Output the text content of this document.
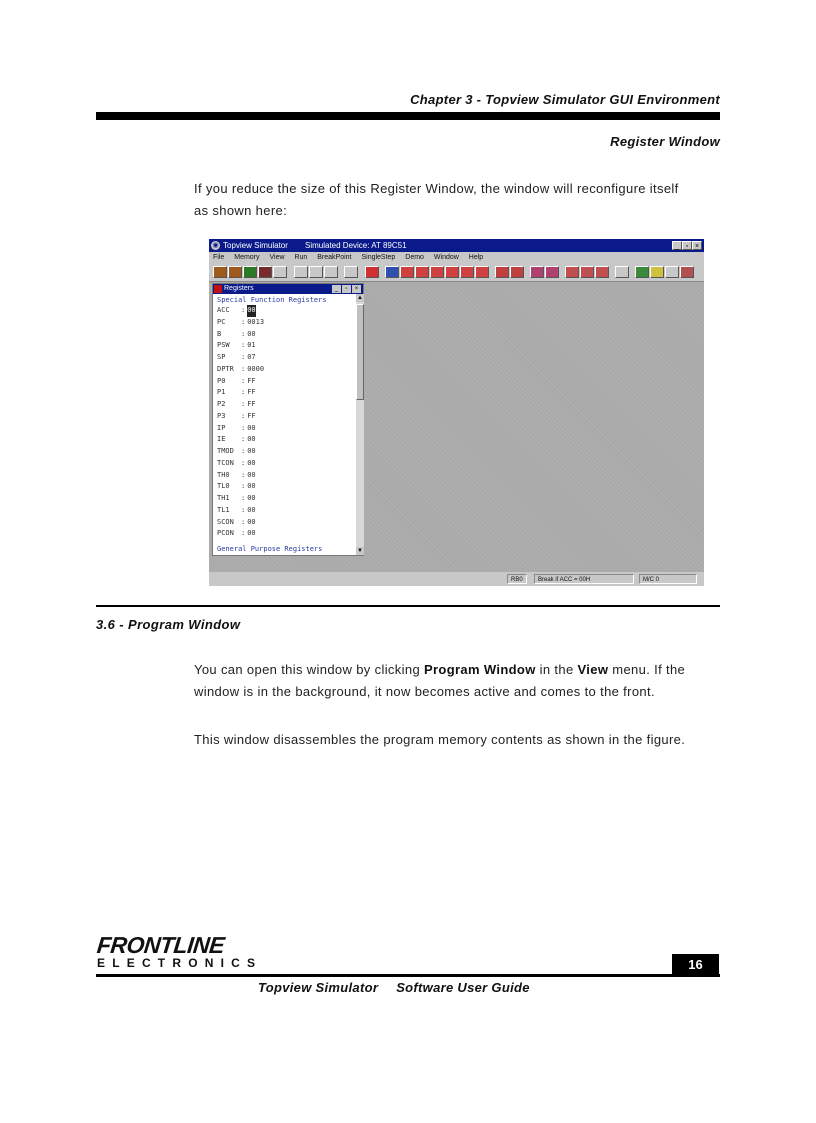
Chapter 3 - Topview Simulator GUI Environment
Register Window
If you reduce the size of this Register Window, the window will reconfigure itself
as shown here:
◉ Topview Simulator Simulated Device: AT 89C51	_ ▫ ×
File Memory View Run BreakPoint SingleStep Demo Window Help
Registers	_	▫	×
Special Function Registers
ACC : 00
PC : 0013
B	: 00
PSW : 01
SP : 07
DPTR : 0000
P0 : FF
P1 : FF
P2 : FF
P3 : FF
IP : 00
IE : 00
TMOD : 00
TCON : 00
TH0 : 00
TL0 : 00
TH1 : 00
TL1 : 00
SCON : 00
PCON : 00
General Purpose Registers
▲
▼
RB0	Break if ACC = 00H	M/C 0
3.6 - Program Window
You can open this window by clicking Program Window in the View menu. If the
window is in the background, it now becomes active and comes to the front.
This window disassembles the program memory contents as shown in the figure.
FRONTLINE
ELECTRONICS	16
Topview Simulator Software User Guide
